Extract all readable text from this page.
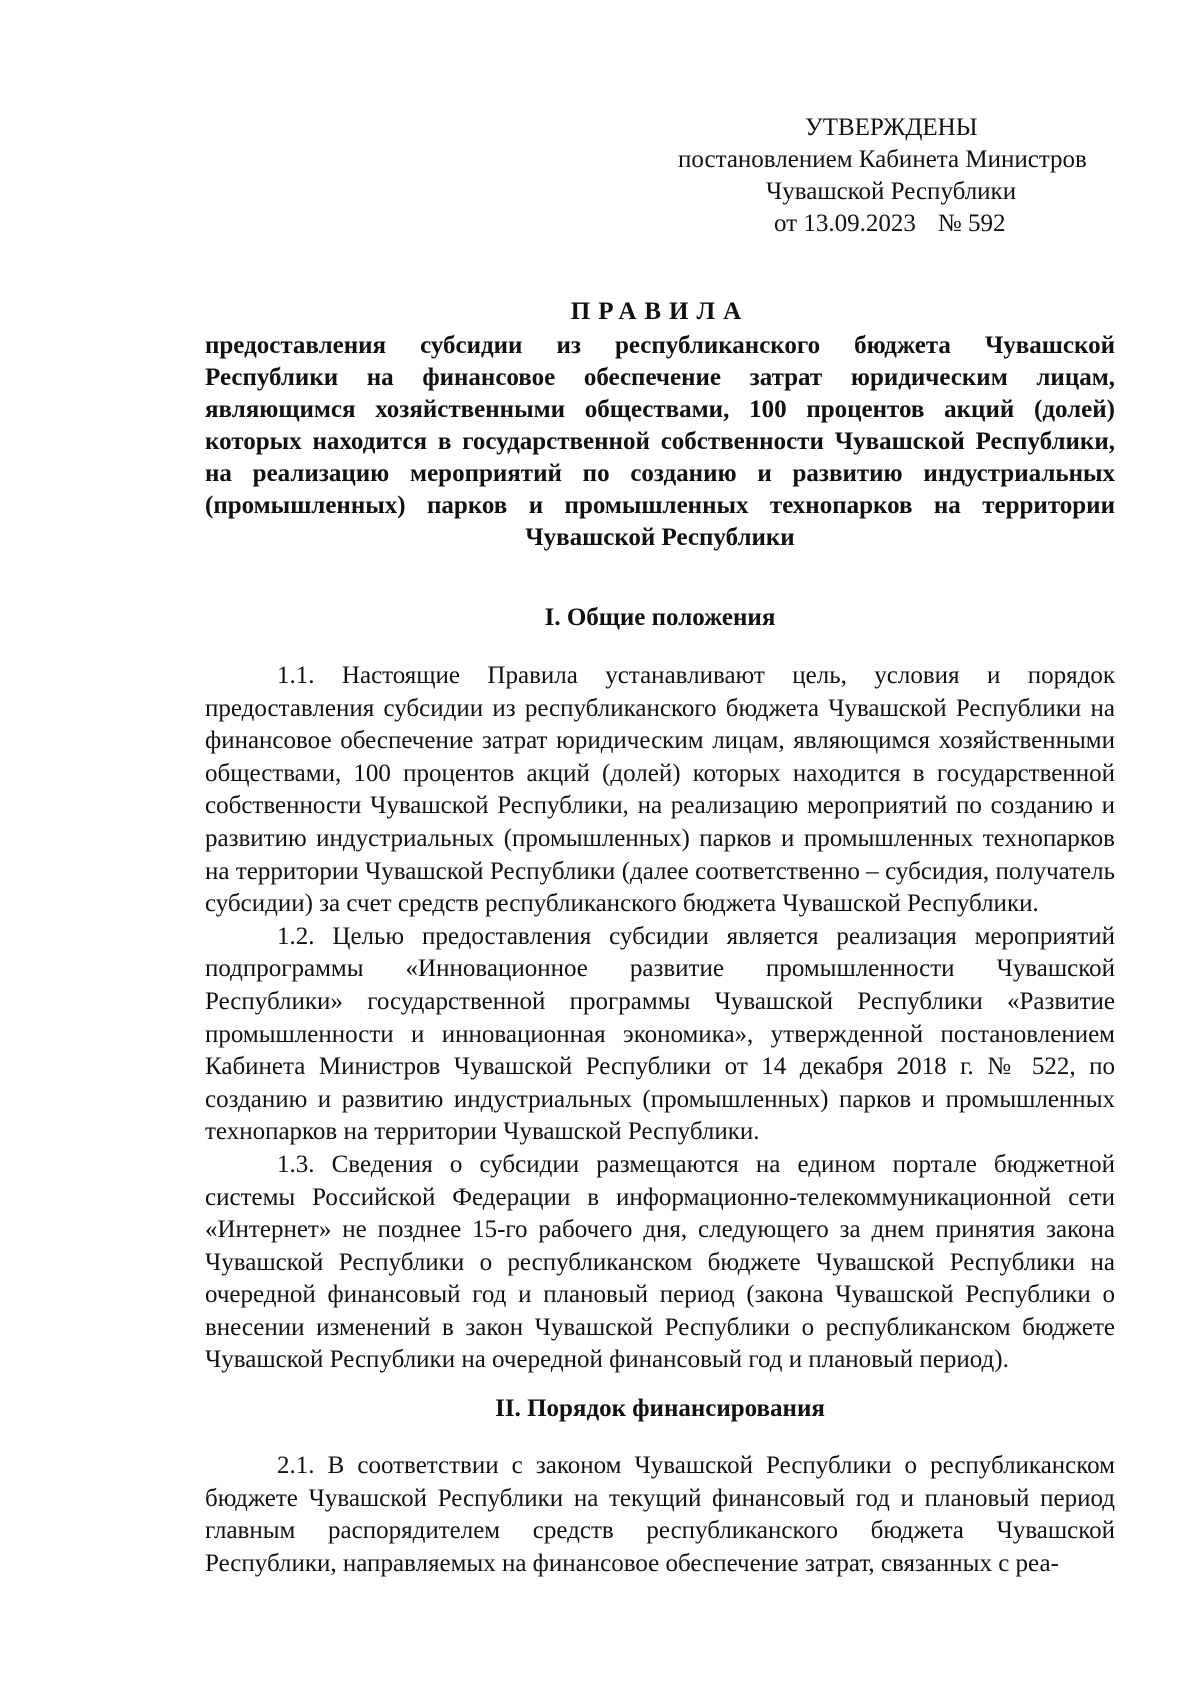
УТВЕРЖДЕНЫ
постановлением Кабинета Министров
Чувашской Республики
от 13.09.2023 № 592
ПРАВИЛА
предоставления субсидии из республиканского бюджета Чувашской Республики на финансовое обеспечение затрат юридическим лицам, являющимся хозяйственными обществами, 100 процентов акций (долей) которых находится в государственной собственности Чувашской Республики, на реализацию мероприятий по созданию и развитию индустриальных (промышленных) парков и промышленных технопарков на территории Чувашской Республики
I. Общие положения

1.1. Настоящие Правила устанавливают цель, условия и порядок предоставления субсидии из республиканского бюджета Чувашской Республики на финансовое обеспечение затрат юридическим лицам, являющимся хозяйственными обществами, 100 процентов акций (долей) которых находится в государственной собственности Чувашской Республики, на реализацию мероприятий по созданию и развитию индустриальных (промышленных) парков и промышленных технопарков на территории Чувашской Республики (далее соответственно – субсидия, получатель субсидии) за счет средств республиканского бюджета Чувашской Республики.

1.2. Целью предоставления субсидии является реализация мероприятий подпрограммы «Инновационное развитие промышленности Чувашской Республики» государственной программы Чувашской Республики «Развитие промышленности и инновационная экономика», утвержденной постановлением Кабинета Министров Чувашской Республики от 14 декабря 2018 г. № 522, по созданию и развитию индустриальных (промышленных) парков и промышленных технопарков на территории Чувашской Республики.

1.3. Сведения о субсидии размещаются на едином портале бюджетной системы Российской Федерации в информационно-телекоммуникационной сети «Интернет» не позднее 15-го рабочего дня, следующего за днем принятия закона Чувашской Республики о республиканском бюджете Чувашской Республики на очередной финансовый год и плановый период (закона Чувашской Республики о внесении изменений в закон Чувашской Республики о республиканском бюджете Чувашской Республики на очередной финансовый год и плановый период).

II. Порядок финансирования

2.1. В соответствии с законом Чувашской Республики о республиканском бюджете Чувашской Республики на текущий финансовый год и плановый период главным распорядителем средств республиканского бюджета Чувашской Республики, направляемых на финансовое обеспечение затрат, связанных с реа-
